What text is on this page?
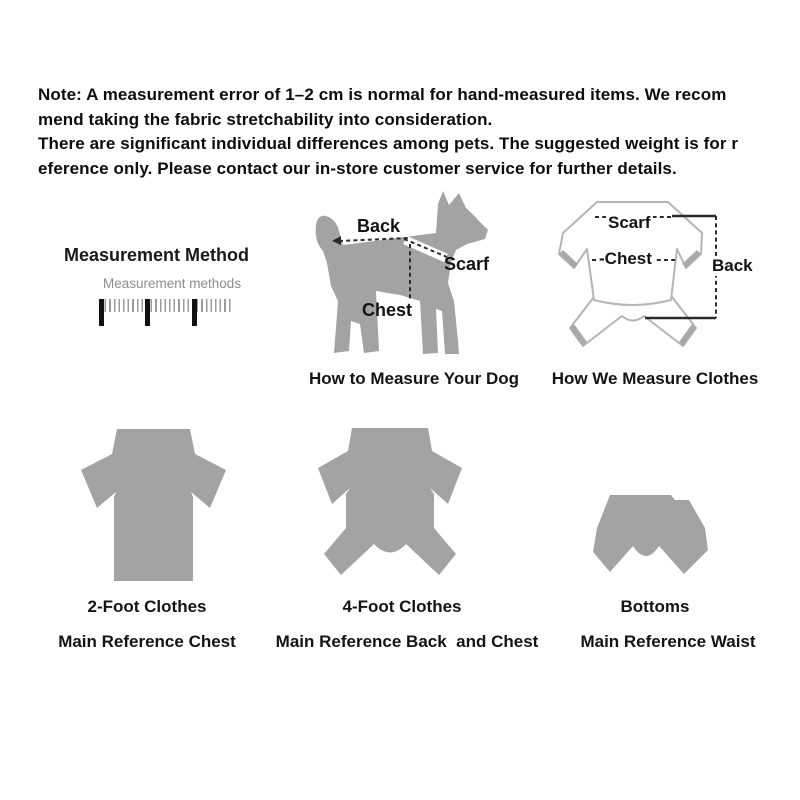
Note: A measurement error of 1–2 cm is normal for hand-measured items. We recom
mend taking the fabric stretchability into consideration.
There are significant individual differences among pets. The suggested weight is for r
eference only. Please contact our in-store customer service for further details.
Measurement Method
Measurement methods
Back
Scarf
Chest
How to Measure Your Dog
Scarf
-Chest	Back
How We Measure Clothes
2-Foot Clothes
Main Reference Chest
4-Foot Clothes
Main Reference Back  and Chest
Bottoms
Main Reference Waist
